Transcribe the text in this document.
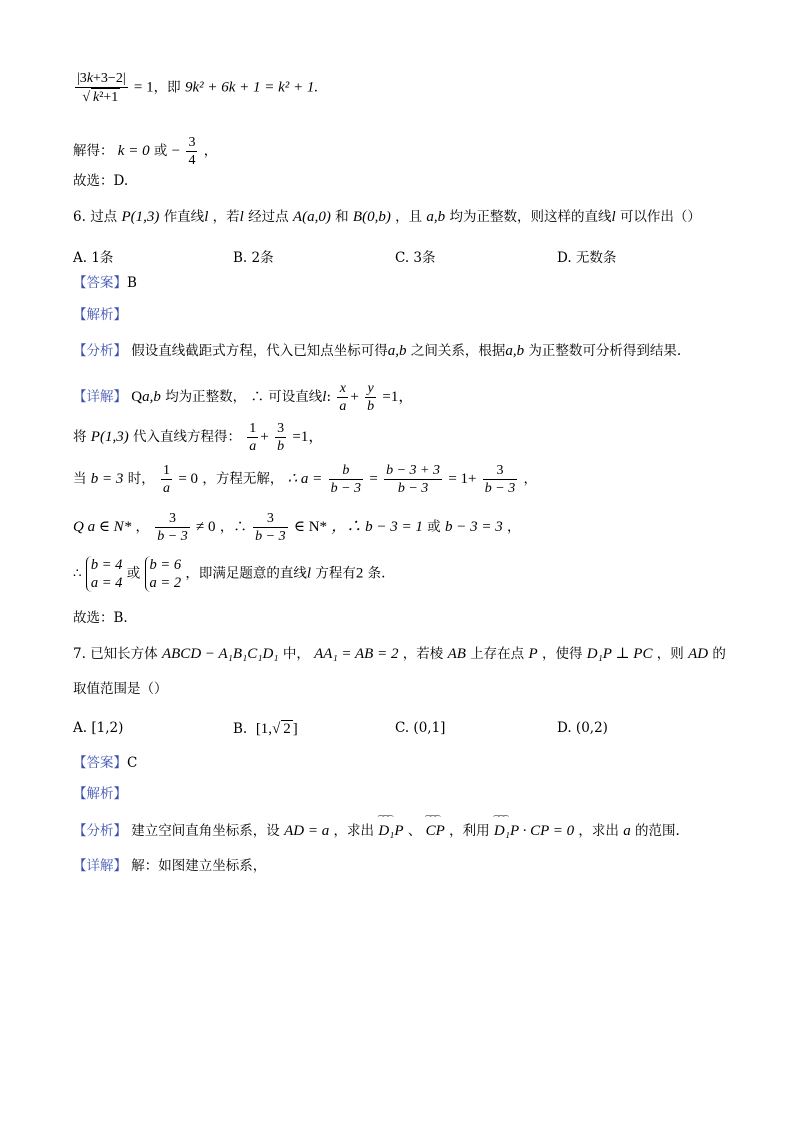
$\frac{|3k+3-2|}{\text{√ k²+1}} = 1$，即 9k² + 6k + 1 = k² + 1.
解得： k = 0 或 − $\frac{3}{4}$ ，
故选：D.
6. 过点 P(1,3) 作直线l ，若l 经过点 A(a,0) 和 B(0,b) ，且 a,b 均为正整数，则这样的直线l 可以作出（）
A. 1条	B. 2条	C. 3条	D. 无数条
【答案】B
【解析】
【分析】 假设直线截距式方程，代入已知点坐标可得a,b 之间关系，根据a,b 为正整数可分析得到结果.
【详解】 Qa,b 均为正整数， ∴ 可设直线l: $\frac{x}{a} + \frac{y}{b} =1$，
将 P(1,3) 代入直线方程得： $\frac{1}{a} + \frac{3}{b} =1$，
当 b = 3 时， $\frac{1}{a} = 0$ ，方程无解， ∴ $a = \frac{b}{b - 3} = \frac{b - 3 + 3}{b - 3} = 1+ \frac{3}{b - 3}$ ，
Q a ∈ N* ， $\frac{3}{b - 3} \ne 0$ ，∴ $\frac{3}{b - 3}$ ∈ N* ，∴ b − 3 = 1 或 b − 3 = 3 ，
∴
b = 4
a = 4
或
b = 6
a = 2
，即满足题意的直线l 方程有2 条.
故选：B.
7. 已知长方体 ABCD − A₁B₁C₁D₁ 中， AA₁ = AB = 2 ，若棱 AB 上存在点 P ，使得 D₁P ⊥ PC ，则 AD 的
取值范围是（）
A. [1,2)	B. [1,√ 2 ]	C. (0,1]	D. (0,2)
【答案】C
【解析】
【分析】 建立空间直角坐标系，设 AD = a ，求出 ‿‿‿ D₁P 、 ‿‿‿ CP ，利用 ‿‿‿ D₁P · CP = 0 ，求出 a 的范围.
【详解】 解：如图建立坐标系，
